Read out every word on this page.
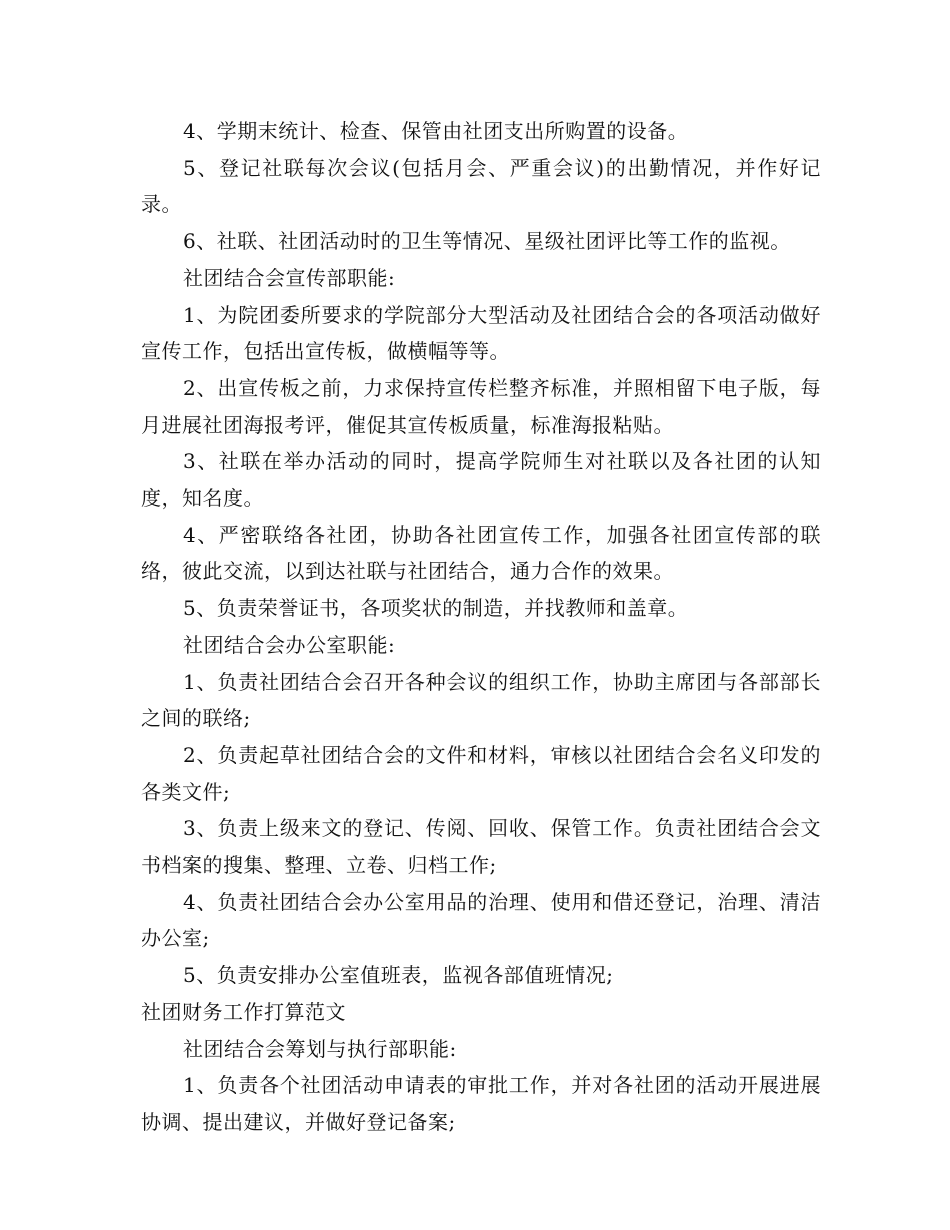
4、学期末统计、检查、保管由社团支出所购置的设备。

5、登记社联每次会议(包括月会、严重会议)的出勤情况，并作好记录。

6、社联、社团活动时的卫生等情况、星级社团评比等工作的监视。

社团结合会宣传部职能:

1、为院团委所要求的学院部分大型活动及社团结合会的各项活动做好宣传工作，包括出宣传板，做横幅等等。

2、出宣传板之前，力求保持宣传栏整齐标准，并照相留下电子版，每月进展社团海报考评，催促其宣传板质量，标准海报粘贴。

3、社联在举办活动的同时，提高学院师生对社联以及各社团的认知度，知名度。

4、严密联络各社团，协助各社团宣传工作，加强各社团宣传部的联络，彼此交流，以到达社联与社团结合，通力合作的效果。

5、负责荣誉证书，各项奖状的制造，并找教师和盖章。

社团结合会办公室职能:

1、负责社团结合会召开各种会议的组织工作，协助主席团与各部部长之间的联络;

2、负责起草社团结合会的文件和材料，审核以社团结合会名义印发的各类文件;

3、负责上级来文的登记、传阅、回收、保管工作。负责社团结合会文书档案的搜集、整理、立卷、归档工作;

4、负责社团结合会办公室用品的治理、使用和借还登记，治理、清洁办公室;

5、负责安排办公室值班表，监视各部值班情况;

社团财务工作打算范文

社团结合会筹划与执行部职能:

1、负责各个社团活动申请表的审批工作，并对各社团的活动开展进展协调、提出建议，并做好登记备案;
